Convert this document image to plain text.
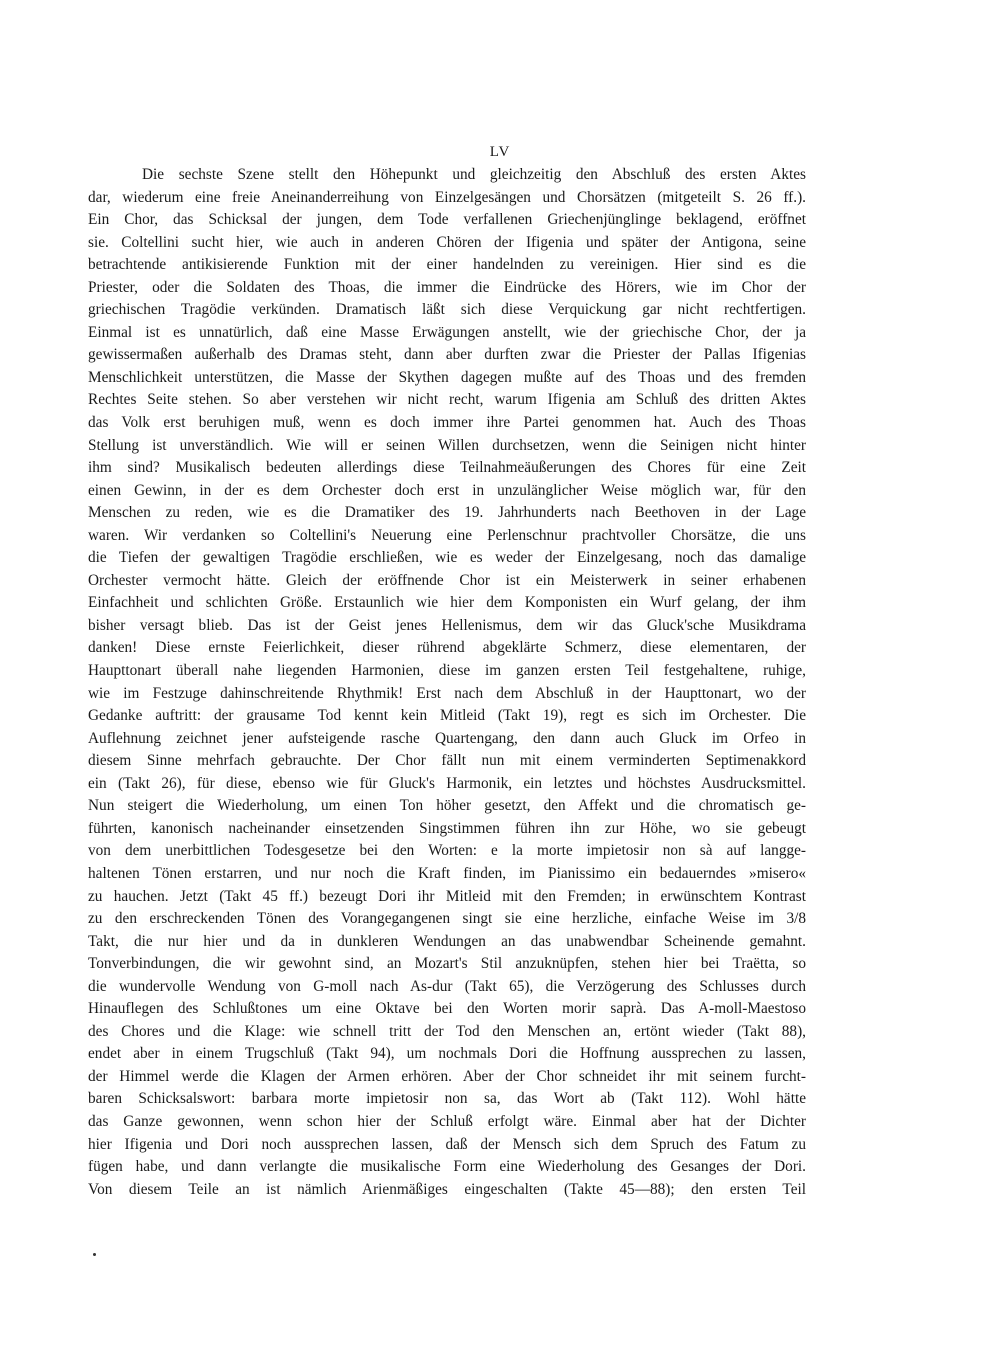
LV
Die sechste Szene stellt den Höhepunkt und gleichzeitig den Abschluß des ersten Aktes
dar, wiederum eine freie Aneinanderreihung von Einzelgesängen und Chorsätzen (mitgeteilt S. 26 ff.).
Ein Chor, das Schicksal der jungen, dem Tode verfallenen Griechenjünglinge beklagend, eröffnet
sie. Coltellini sucht hier, wie auch in anderen Chören der Ifigenia und später der Antigona, seine
betrachtende antikisierende Funktion mit der einer handelnden zu vereinigen. Hier sind es die
Priester, oder die Soldaten des Thoas, die immer die Eindrücke des Hörers, wie im Chor der
griechischen Tragödie verkünden. Dramatisch läßt sich diese Verquickung gar nicht rechtfertigen.
Einmal ist es unnatürlich, daß eine Masse Erwägungen anstellt, wie der griechische Chor, der ja
gewissermaßen außerhalb des Dramas steht, dann aber durften zwar die Priester der Pallas Ifigenias
Menschlichkeit unterstützen, die Masse der Skythen dagegen mußte auf des Thoas und des fremden
Rechtes Seite stehen. So aber verstehen wir nicht recht, warum Ifigenia am Schluß des dritten Aktes
das Volk erst beruhigen muß, wenn es doch immer ihre Partei genommen hat. Auch des Thoas
Stellung ist unverständlich. Wie will er seinen Willen durchsetzen, wenn die Seinigen nicht hinter
ihm sind? Musikalisch bedeuten allerdings diese Teilnahmeäußerungen des Chores für eine Zeit
einen Gewinn, in der es dem Orchester doch erst in unzulänglicher Weise möglich war, für den
Menschen zu reden, wie es die Dramatiker des 19. Jahrhunderts nach Beethoven in der Lage
waren. Wir verdanken so Coltellini's Neuerung eine Perlenschnur prachtvoller Chorsätze, die uns
die Tiefen der gewaltigen Tragödie erschließen, wie es weder der Einzelgesang, noch das damalige
Orchester vermocht hätte. Gleich der eröffnende Chor ist ein Meisterwerk in seiner erhabenen
Einfachheit und schlichten Größe. Erstaunlich wie hier dem Komponisten ein Wurf gelang, der ihm
bisher versagt blieb. Das ist der Geist jenes Hellenismus, dem wir das Gluck'sche Musikdrama
danken! Diese ernste Feierlichkeit, dieser rührend abgeklärte Schmerz, diese elementaren, der
Haupttonart überall nahe liegenden Harmonien, diese im ganzen ersten Teil festgehaltene, ruhige,
wie im Festzuge dahinschreitende Rhythmik! Erst nach dem Abschluß in der Haupttonart, wo der
Gedanke auftritt: der grausame Tod kennt kein Mitleid (Takt 19), regt es sich im Orchester. Die
Auflehnung zeichnet jener aufsteigende rasche Quartengang, den dann auch Gluck im Orfeo in
diesem Sinne mehrfach gebrauchte. Der Chor fällt nun mit einem verminderten Septimenakkord
ein (Takt 26), für diese, ebenso wie für Gluck's Harmonik, ein letztes und höchstes Ausdrucksmittel.
Nun steigert die Wiederholung, um einen Ton höher gesetzt, den Affekt und die chromatisch ge-
führten, kanonisch nacheinander einsetzenden Singstimmen führen ihn zur Höhe, wo sie gebeugt
von dem unerbittlichen Todesgesetze bei den Worten: e la morte impietosir non sà auf langge-
haltenen Tönen erstarren, und nur noch die Kraft finden, im Pianissimo ein bedauerndes »misero«
zu hauchen. Jetzt (Takt 45 ff.) bezeugt Dori ihr Mitleid mit den Fremden; in erwünschtem Kontrast
zu den erschreckenden Tönen des Vorangegangenen singt sie eine herzliche, einfache Weise im 3/8
Takt, die nur hier und da in dunkleren Wendungen an das unabwendbar Scheinende gemahnt.
Tonverbindungen, die wir gewohnt sind, an Mozart's Stil anzuknüpfen, stehen hier bei Traëtta, so
die wundervolle Wendung von G-moll nach As-dur (Takt 65), die Verzögerung des Schlusses durch
Hinauflegen des Schlußtones um eine Oktave bei den Worten morir saprà. Das A-moll-Maestoso
des Chores und die Klage: wie schnell tritt der Tod den Menschen an, ertönt wieder (Takt 88),
endet aber in einem Trugschluß (Takt 94), um nochmals Dori die Hoffnung aussprechen zu lassen,
der Himmel werde die Klagen der Armen erhören. Aber der Chor schneidet ihr mit seinem furcht-
baren Schicksalswort: barbara morte impietosir non sa, das Wort ab (Takt 112). Wohl hätte
das Ganze gewonnen, wenn schon hier der Schluß erfolgt wäre. Einmal aber hat der Dichter
hier Ifigenia und Dori noch aussprechen lassen, daß der Mensch sich dem Spruch des Fatum zu
fügen habe, und dann verlangte die musikalische Form eine Wiederholung des Gesanges der Dori.
Von diesem Teile an ist nämlich Arienmäßiges eingeschalten (Takte 45—88); den ersten Teil
